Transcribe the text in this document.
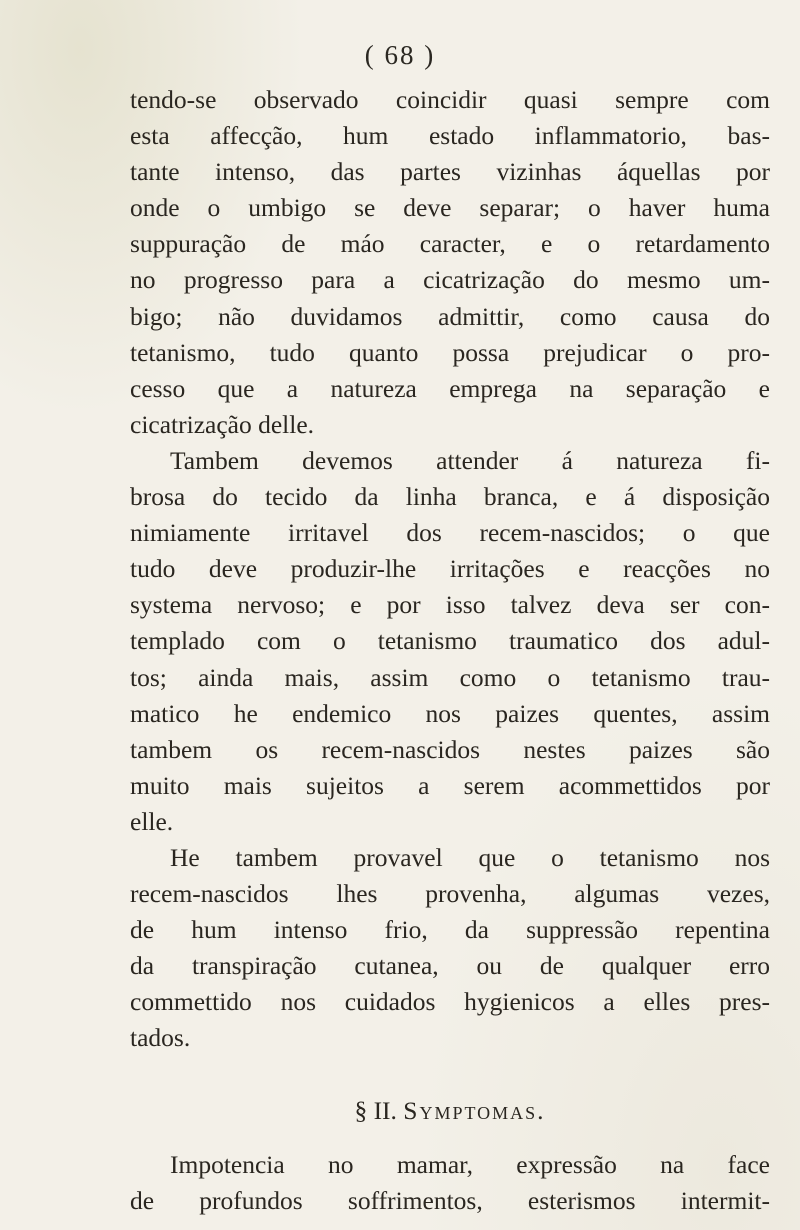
( 68 )
tendo-se observado coincidir quasi sempre com
esta affecção, hum estado inflammatorio, bas-
tante intenso, das partes vizinhas áquellas por
onde o umbigo se deve separar; o haver huma
suppuração de máo caracter, e o retardamento
no progresso para a cicatrização do mesmo um-
bigo; não duvidamos admittir, como causa do
tetanismo, tudo quanto possa prejudicar o pro-
cesso que a natureza emprega na separação e
cicatrização delle.
Tambem devemos attender á natureza fi-
brosa do tecido da linha branca, e á disposição
nimiamente irritavel dos recem-nascidos; o que
tudo deve produzir-lhe irritações e reacções no
systema nervoso; e por isso talvez deva ser con-
templado com o tetanismo traumatico dos adul-
tos; ainda mais, assim como o tetanismo trau-
matico he endemico nos paizes quentes, assim
tambem os recem-nascidos nestes paizes são
muito mais sujeitos a serem acommettidos por
elle.
He tambem provavel que o tetanismo nos
recem-nascidos lhes provenha, algumas vezes,
de hum intenso frio, da suppressão repentina
da transpiração cutanea, ou de qualquer erro
commettido nos cuidados hygienicos a elles pres-
tados.
§ II. Symptomas.
Impotencia no mamar, expressão na face
de profundos soffrimentos, esterismos intermit-
